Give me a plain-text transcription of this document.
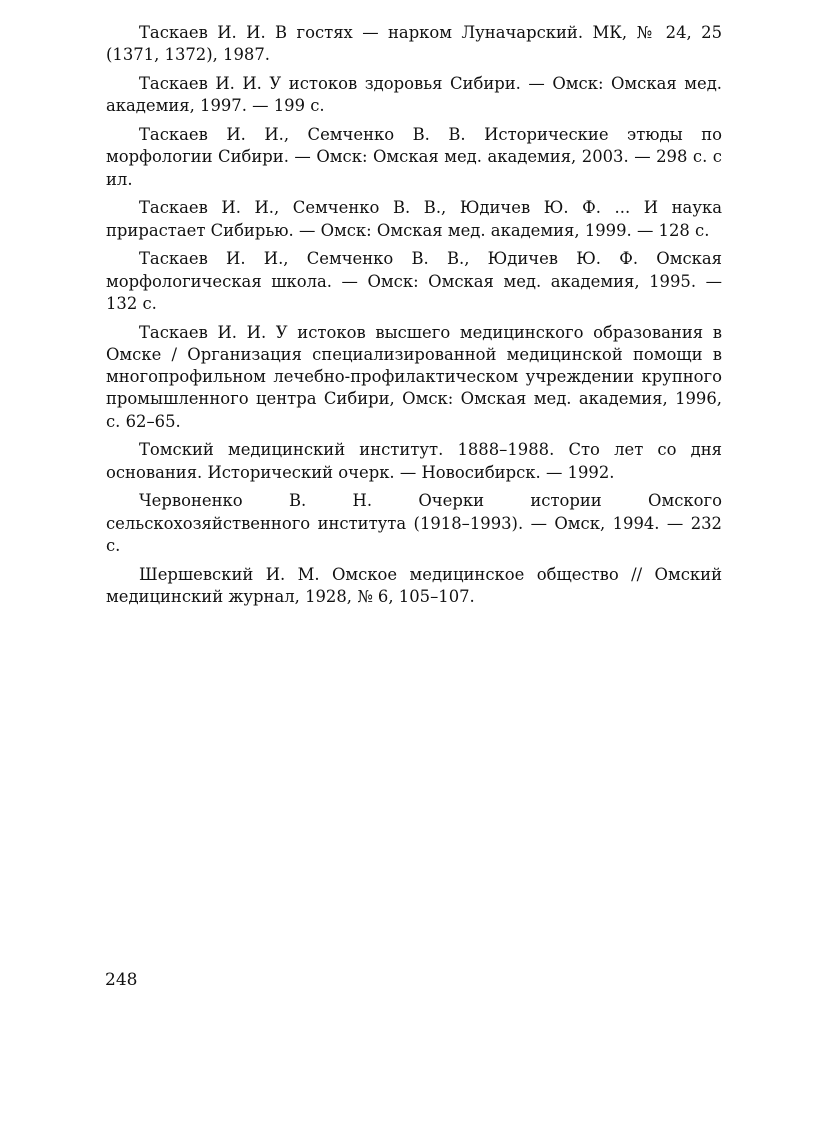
Таскаев И. И. В гостях — нарком Луначарский. МК, № 24, 25 (1371, 1372), 1987.

Таскаев И. И. У истоков здоровья Сибири. — Омск: Омская мед. академия, 1997. — 199 с.

Таскаев И. И., Семченко В. В. Исторические этюды по морфологии Сибири. — Омск: Омская мед. академия, 2003. — 298 с. с ил.

Таскаев И. И., Семченко В. В., Юдичев Ю. Ф. ... И наука прирастает Сибирью. — Омск: Омская мед. академия, 1999. — 128 с.

Таскаев И. И., Семченко В. В., Юдичев Ю. Ф. Омская морфологическая школа. — Омск: Омская мед. академия, 1995. — 132 с.

Таскаев И. И. У истоков высшего медицинского образования в Омске / Организация специализированной медицинской помощи в многопрофильном лечебно-профилактическом учреждении крупного промышленного центра Сибири, Омск: Омская мед. академия, 1996, с. 62–65.

Томский медицинский институт. 1888–1988. Сто лет со дня основания. Исторический очерк. — Новосибирск. — 1992.

Червоненко В. Н. Очерки истории Омского сельскохозяйственного института (1918–1993). — Омск, 1994. — 232 с.

Шершевский И. М. Омское медицинское общество // Омский медицинский журнал, 1928, № 6, 105–107.

248
